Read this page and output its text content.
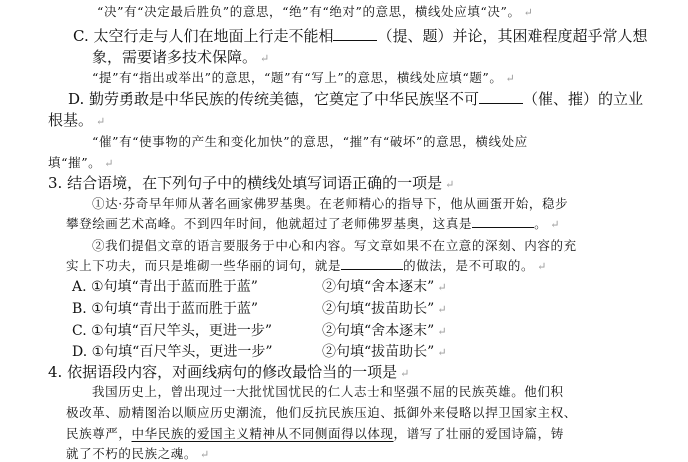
“决”有“决定最后胜负”的意思，“绝”有“绝对”的意思，横线处应填“决”。 ↵
C. 太空行走与人们在地面上行走不能相	（提、题）并论，其困难程度超乎常人想
象，需要诸多技术保障。 ↵
“提”有“指出或举出”的意思，“题”有“写上”的意思，横线处应填“题”。 ↵
D. 勤劳勇敢是中华民族的传统美德，它奠定了中华民族坚不可	（催、摧）的立业
根基。 ↵
“催”有“使事物的产生和变化加快”的意思，“摧”有“破坏”的意思，横线处应
填“摧”。 ↵
3. 结合语境，在下列句子中的横线处填写词语正确的一项是 ↵
①达·芬奇早年师从著名画家佛罗基奥。在老师精心的指导下，他从画蛋开始，稳步
攀登绘画艺术高峰。不到四年时间，他就超过了老师佛罗基奥，这真是	。 ↵
②我们提倡文章的语言要服务于中心和内容。写文章如果不在立意的深刻、内容的充
实上下功夫，而只是堆砌一些华丽的词句，就是	的做法，是不可取的。 ↵
A. ①句填“青出于蓝而胜于蓝”	②句填“舍本逐末” ↵
B. ①句填“青出于蓝而胜于蓝”	②句填“拔苗助长” ↵
C. ①句填“百尺竿头，更进一步”	②句填“舍本逐末” ↵
D. ①句填“百尺竿头，更进一步”	②句填“拔苗助长” ↵
4. 依据语段内容，对画线病句的修改最恰当的一项是 ↵
我国历史上，曾出现过一大批忧国忧民的仁人志士和坚强不屈的民族英雄。他们积
极改革、励精图治以顺应历史潮流，他们反抗民族压迫、抵御外来侵略以捍卫国家主权、
民族尊严，中华民族的爱国主义精神从不同侧面得以体现，谱写了壮丽的爱国诗篇，铸
就了不朽的民族之魂。 ↵
